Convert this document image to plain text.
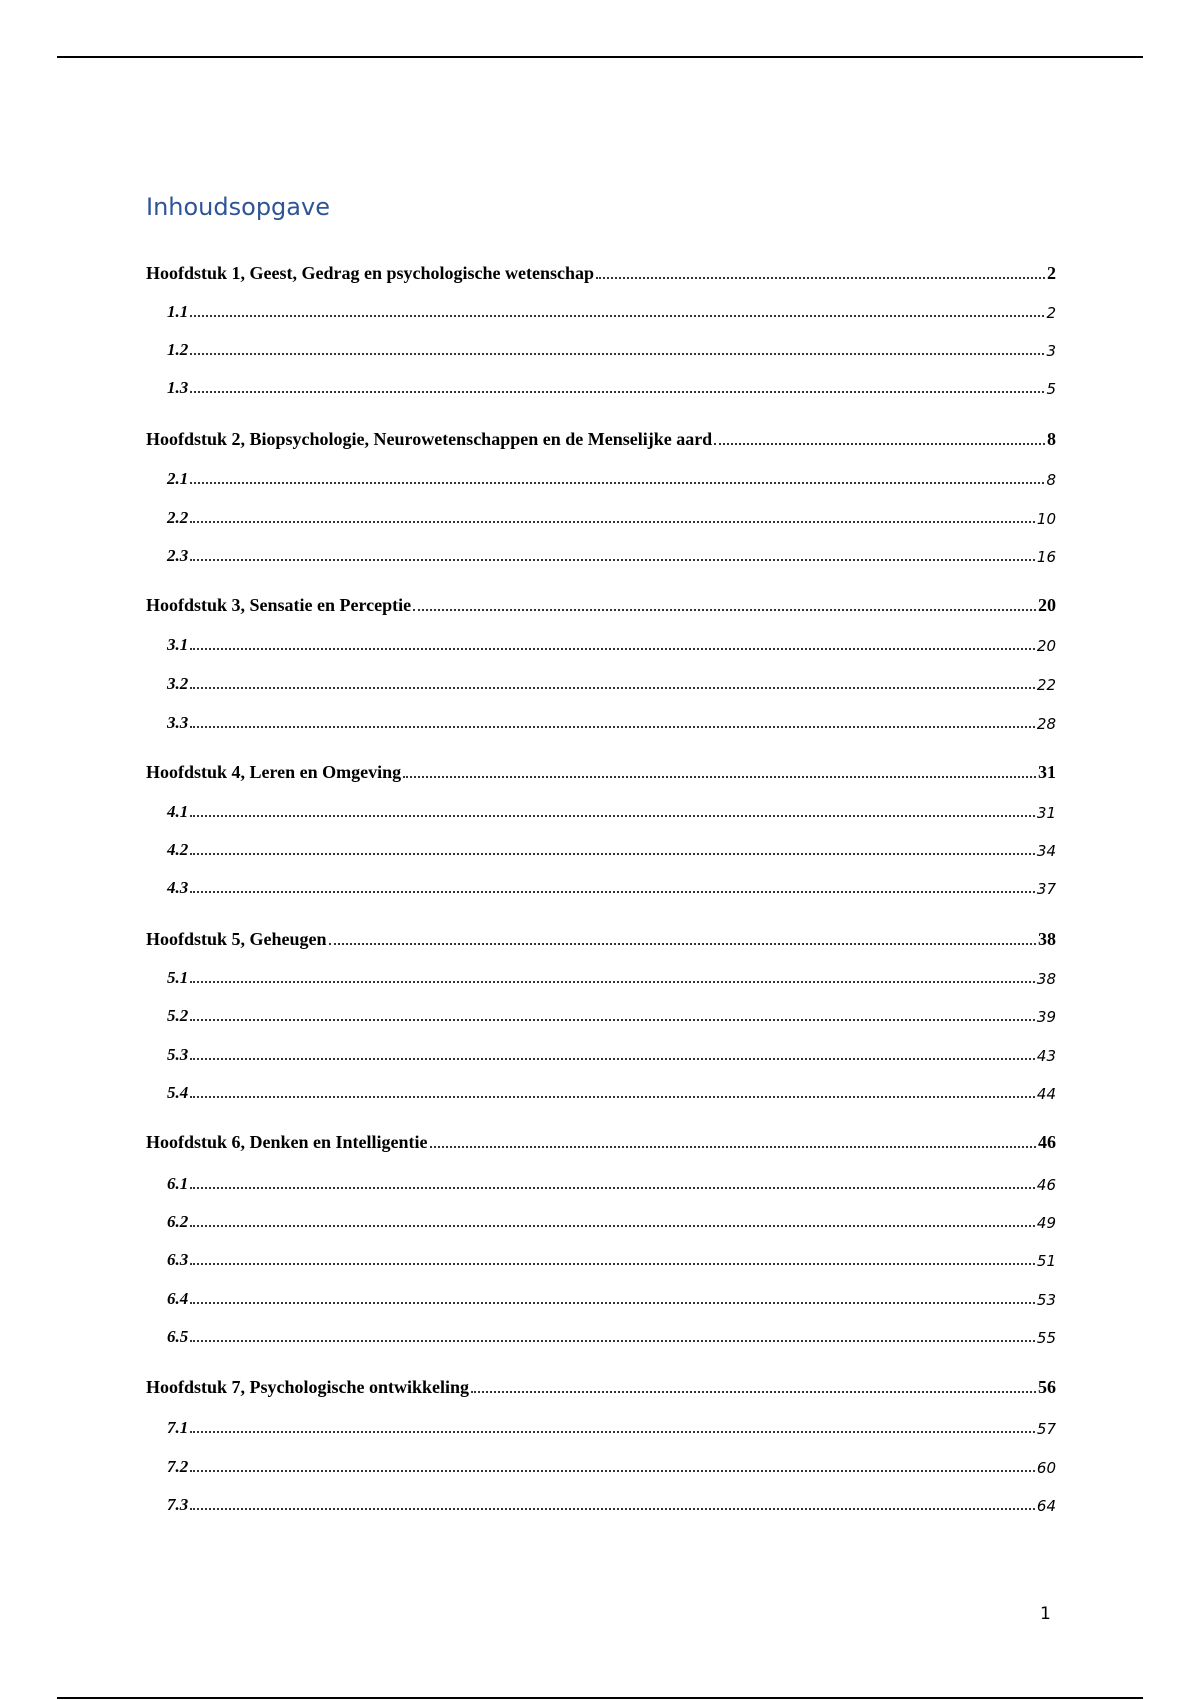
Inhoudsopgave
Hoofdstuk 1, Geest, Gedrag en psychologische wetenschap	2
1.1	2
1.2	3
1.3	5
Hoofdstuk 2, Biopsychologie, Neurowetenschappen en de Menselijke aard	8
2.1	8
2.2	10
2.3	16
Hoofdstuk 3, Sensatie en Perceptie	20
3.1	20
3.2	22
3.3	28
Hoofdstuk 4, Leren en Omgeving	31
4.1	31
4.2	34
4.3	37
Hoofdstuk 5, Geheugen	38
5.1	38
5.2	39
5.3	43
5.4	44
Hoofdstuk 6, Denken en Intelligentie	46
6.1	46
6.2	49
6.3	51
6.4	53
6.5	55
Hoofdstuk 7, Psychologische ontwikkeling	56
7.1	57
7.2	60
7.3	64
1
